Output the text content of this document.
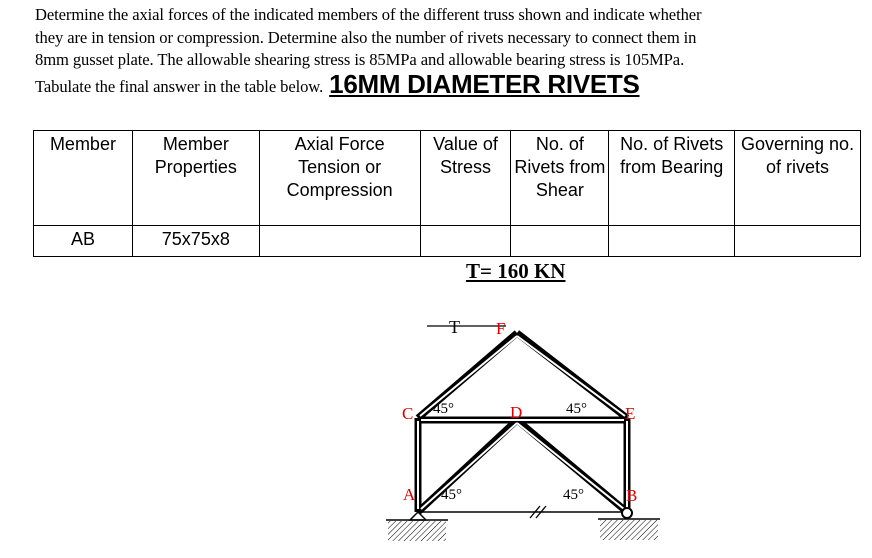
Determine the axial forces of the indicated members of the different truss shown and indicate whether
they are in tension or compression. Determine also the number of rivets necessary to connect them in
8mm gusset plate. The allowable shearing stress is 85MPa and allowable bearing stress is 105MPa.
Tabulate the final answer in the table below. 16MM DIAMETER RIVETS
Member	Member Properties	Axial Force Tension or Compression	Value of Stress	No. of Rivets from Shear	No. of Rivets from Bearing	Governing no. of rivets
AB	75x75x8					
T= 160 KN
T
A	B
C	D	E
F
45°	45°
45°	45°
